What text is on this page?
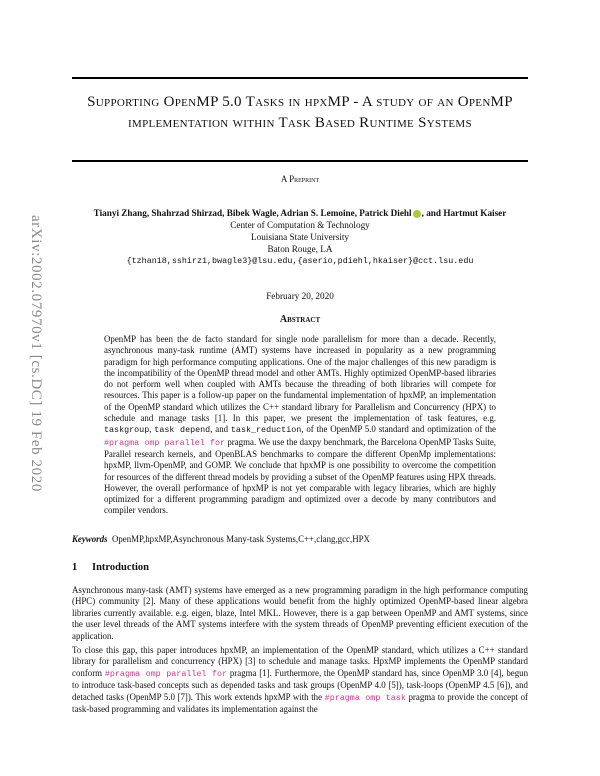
arXiv:2002.07970v1 [cs.DC] 19 Feb 2020
Supporting OpenMP 5.0 Tasks in hpxMP - A study of an OpenMP implementation within Task Based Runtime Systems
A Preprint
Tianyi Zhang, Shahrzad Shirzad, Bibek Wagle, Adrian S. Lemoine, Patrick Diehl , and Hartmut Kaiser
Center of Computation & Technology
Louisiana State University
Baton Rouge, LA
{tzhan18,sshirz1,bwagle3}@lsu.edu,{aserio,pdiehl,hkaiser}@cct.lsu.edu
February 20, 2020
Abstract
OpenMP has been the de facto standard for single node parallelism for more than a decade. Recently, asynchronous many-task runtime (AMT) systems have increased in popularity as a new programming paradigm for high performance computing applications. One of the major challenges of this new paradigm is the incompatibility of the OpenMP thread model and other AMTs. Highly optimized OpenMP-based libraries do not perform well when coupled with AMTs because the threading of both libraries will compete for resources. This paper is a follow-up paper on the fundamental implementation of hpxMP, an implementation of the OpenMP standard which utilizes the C++ standard library for Parallelism and Concurrency (HPX) to schedule and manage tasks [1]. In this paper, we present the implementation of task features, e.g. taskgroup, task depend, and task_reduction, of the OpenMP 5.0 standard and optimization of the #pragma omp parallel for pragma. We use the daxpy benchmark, the Barcelona OpenMP Tasks Suite, Parallel research kernels, and OpenBLAS benchmarks to compare the different OpenMp implementations: hpxMP, llvm-OpenMP, and GOMP. We conclude that hpxMP is one possibility to overcome the competition for resources of the different thread models by providing a subset of the OpenMP features using HPX threads. However, the overall performance of hpxMP is not yet comparable with legacy libraries, which are highly optimized for a different programming paradigm and optimized over a decode by many contributors and compiler vendors.
Keywords OpenMP,hpxMP,Asynchronous Many-task Systems,C++,clang,gcc,HPX
1 Introduction
Asynchronous many-task (AMT) systems have emerged as a new programming paradigm in the high performance computing (HPC) community [2]. Many of these applications would benefit from the highly optimized OpenMP-based linear algebra libraries currently available. e.g. eigen, blaze, Intel MKL. However, there is a gap between OpenMP and AMT systems, since the user level threads of the AMT systems interfere with the system threads of OpenMP preventing efficient execution of the application.
To close this gap, this paper introduces hpxMP, an implementation of the OpenMP standard, which utilizes a C++ standard library for parallelism and concurrency (HPX) [3] to schedule and manage tasks. HpxMP implements the OpenMP standard conform #pragma omp parallel for pragma [1]. Furthermore, the OpenMP standard has, since OpenMP 3.0 [4], begun to introduce task-based concepts such as depended tasks and task groups (OpenMP 4.0 [5]), task-loops (OpenMP 4.5 [6]), and detached tasks (OpenMP 5.0 [7]). This work extends hpxMP with the #pragma omp task pragma to provide the concept of task-based programming and validates its implementation against the
